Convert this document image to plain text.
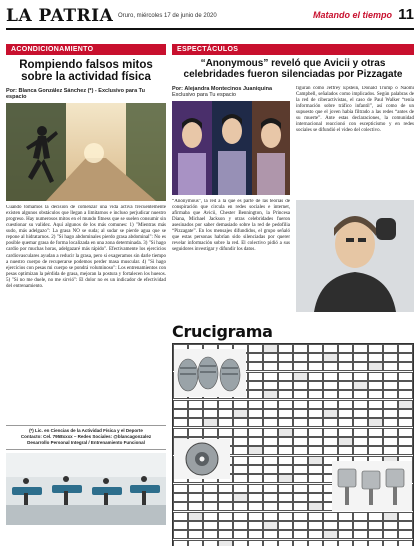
LA PATRIA Oruro, miércoles 17 de junio de 2020	Matando el tiempo 11
ACONDICIONAMIENTO
Rompiendo falsos mitos sobre la actividad física
Por: Blanca González Sánchez (*) - Exclusivo para Tu espacio
Cuando tomamos la decisión de comenzar una vida activa frecuentemente existen algunos obstáculos que llegan a limitarnos e incluso perjudicar nuestro progreso. Hay numerosos mitos en el mundo fitness que se suelen consumir sin cuestionar su validez. Aquí algunos de los más comunes: 1) "Mientras más sudo, más adelgazo": La grasa NO se suda; al sudar se pierde agua que se repone al hidratarnos. 2) "Si hago abdominales pierdo grasa abdominal": No es posible quemar grasa de forma localizada en una zona determinada. 3) "Si hago cardio por muchas horas, adelgazaré más rápido". Efectivamente los ejercicios cardiovasculares ayudan a reducir la grasa, pero si exageramos sin darle tiempo a nuestro cuerpo de recuperarse podemos perder masa muscular. 4) "Si hago ejercicios con pesas mi cuerpo se pondrá voluminoso": Los entrenamientos con pesas optimizan la pérdida de grasa, mejoran la postura y fortalecen los huesos. 5) "Si no me duele, no me sirvió": El dolor no es un indicador de efectividad del entrenamiento.
(*) Lic. en Ciencias de la Actividad Física y el Deporte
Contacto: Cel. 7958xxxx – Redes Sociales: @blancagonzalez
Desarrollo Personal Integral / Entrenamiento Funcional
ESPECTÁCULOS
“Anonymous” reveló que Avicii y otras celebridades fueron silenciadas por Pizzagate
Por: Alejandra Montecinos Juaniquina
Exclusivo para Tu espacio
“Anonymous”, la red a la que es parte de las teorías de conspiración que circula en redes sociales e internet, afirmaba que Avicii, Chester Bennington, la Princesa Diana, Michael Jackson y otras celebridades fueron asesinados por saber demasiado sobre la red de pedofilia “Pizzagate”. En los mensajes difundidos, el grupo señaló que estas personas habrían sido silenciadas por querer revelar información sobre la red. El colectivo pidió a sus seguidores investigar y difundir los datos.
figuran como Jeffrey Epstein, Donald Trump o Naomi Campbell, señalados como implicados. Según palabras de la red de ciberactivistas, el caso de Paul Walker “tenía información sobre tráfico infantil”, así como de un supuesto que el joven había filtrado a las redes “antes de su muerte”. Ante estas declaraciones, la comunidad internacional reaccionó con escepticismo y en redes sociales se difundió el video del colectivo.
Crucigrama
